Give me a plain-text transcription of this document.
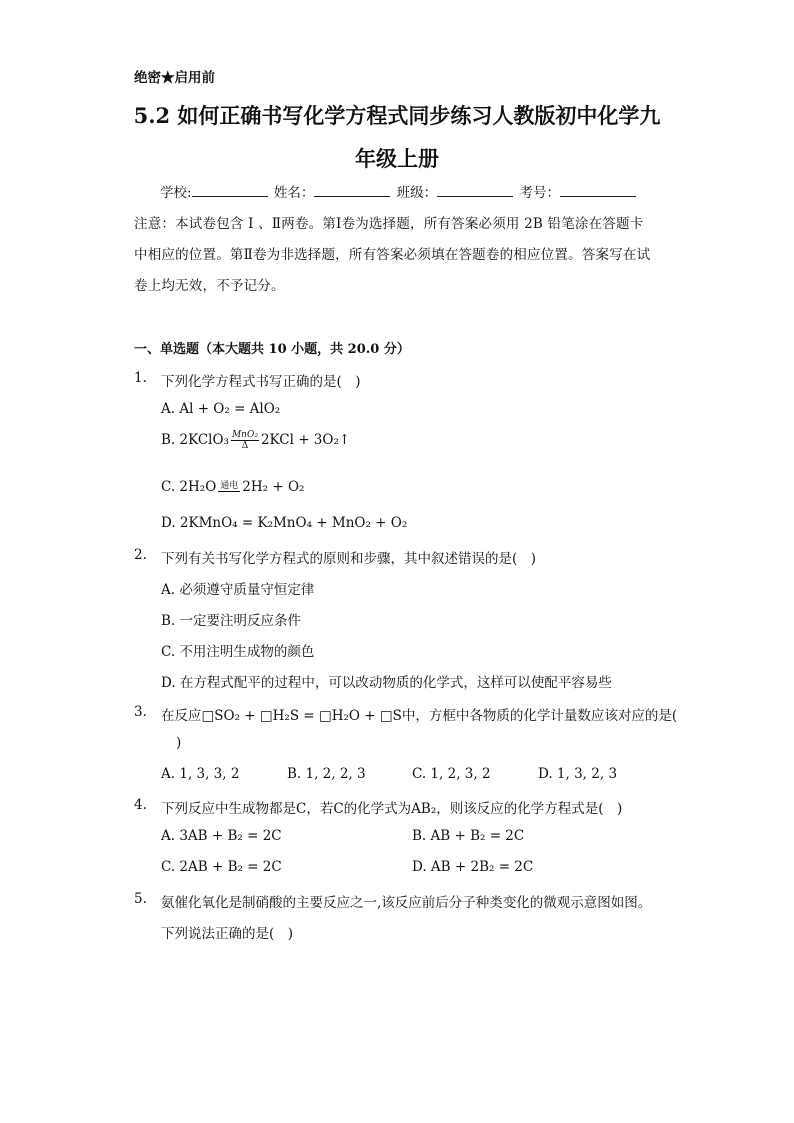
绝密★启用前
5.2 如何正确书写化学方程式同步练习人教版初中化学九
年级上册
学校:	姓名：	班级：	考号：
注意：本试卷包含 Ⅰ 、Ⅱ两卷。第Ⅰ卷为选择题，所有答案必须用 2B 铅笔涂在答题卡
中相应的位置。第Ⅱ卷为非选择题，所有答案必须填在答题卷的相应位置。答案写在试
卷上均无效，不予记分。
一、单选题（本大题共 10 小题，共 20.0 分）
1. 下列化学方程式书写正确的是(　)
A. Al + O₂ = AlO₂
B. 2KClO₃ $\frac{\text{MnO₂}}{\Delta} 2KCl$ + 3O₂↑
C. 2H₂O 通电 2H₂ + O₂
D. 2KMnO₄ = K₂MnO₄ + MnO₂ + O₂
2. 下列有关书写化学方程式的原则和步骤，其中叙述错误的是(　)
A. 必须遵守质量守恒定律
B. 一定要注明反应条件
C. 不用注明生成物的颜色
D. 在方程式配平的过程中，可以改动物质的化学式，这样可以使配平容易些
3. 在反应□SO₂ + □H₂S = □H₂O + □S中，方框中各物质的化学计量数应该对应的是(
)
A. 1, 3, 3, 2	B. 1, 2, 2, 3	C. 1, 2, 3, 2	D. 1, 3, 2, 3
4. 下列反应中生成物都是C，若C的化学式为AB₂，则该反应的化学方程式是(　)
A. 3AB + B₂ = 2C	B. AB + B₂ = 2C
C. 2AB + B₂ = 2C	D. AB + 2B₂ = 2C
5. 氨催化氧化是制硝酸的主要反应之一,该反应前后分子种类变化的微观示意图如图。
下列说法正确的是(　)
